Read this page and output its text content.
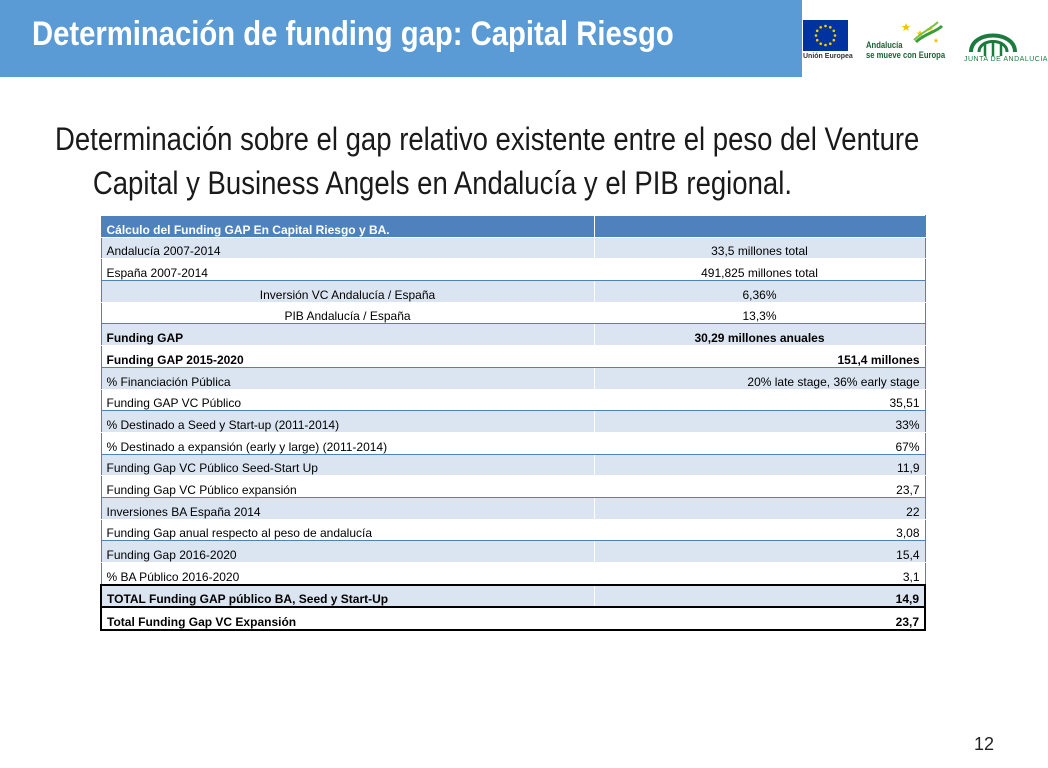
Determinación de funding gap: Capital Riesgo
Unión Europea
Andalucía
se mueve con Europa	JUNTA DE ANDALUCIA
Determinación sobre el gap relativo existente entre el peso del Venture
Capital y Business Angels en Andalucía y el PIB regional.
Cálculo del Funding GAP En Capital Riesgo y BA.	
Andalucía 2007-2014	33,5 millones total
España 2007-2014	491,825 millones total
Inversión VC Andalucía / España	6,36%
PIB Andalucía / España	13,3%
Funding GAP	30,29 millones anuales
Funding GAP 2015-2020	151,4 millones
% Financiación Pública	20% late stage, 36% early stage
Funding GAP VC Público	35,51
% Destinado a Seed y Start-up (2011-2014)	33%
% Destinado a expansión (early y large) (2011-2014)	67%
Funding Gap VC Público Seed-Start Up	11,9
Funding Gap VC Público expansión	23,7
Inversiones BA España 2014	22
Funding Gap anual respecto al peso de andalucía	3,08
Funding Gap 2016-2020	15,4
% BA Público 2016-2020	3,1
TOTAL Funding GAP público BA, Seed y Start-Up	14,9
Total Funding Gap VC Expansión	23,7
12
